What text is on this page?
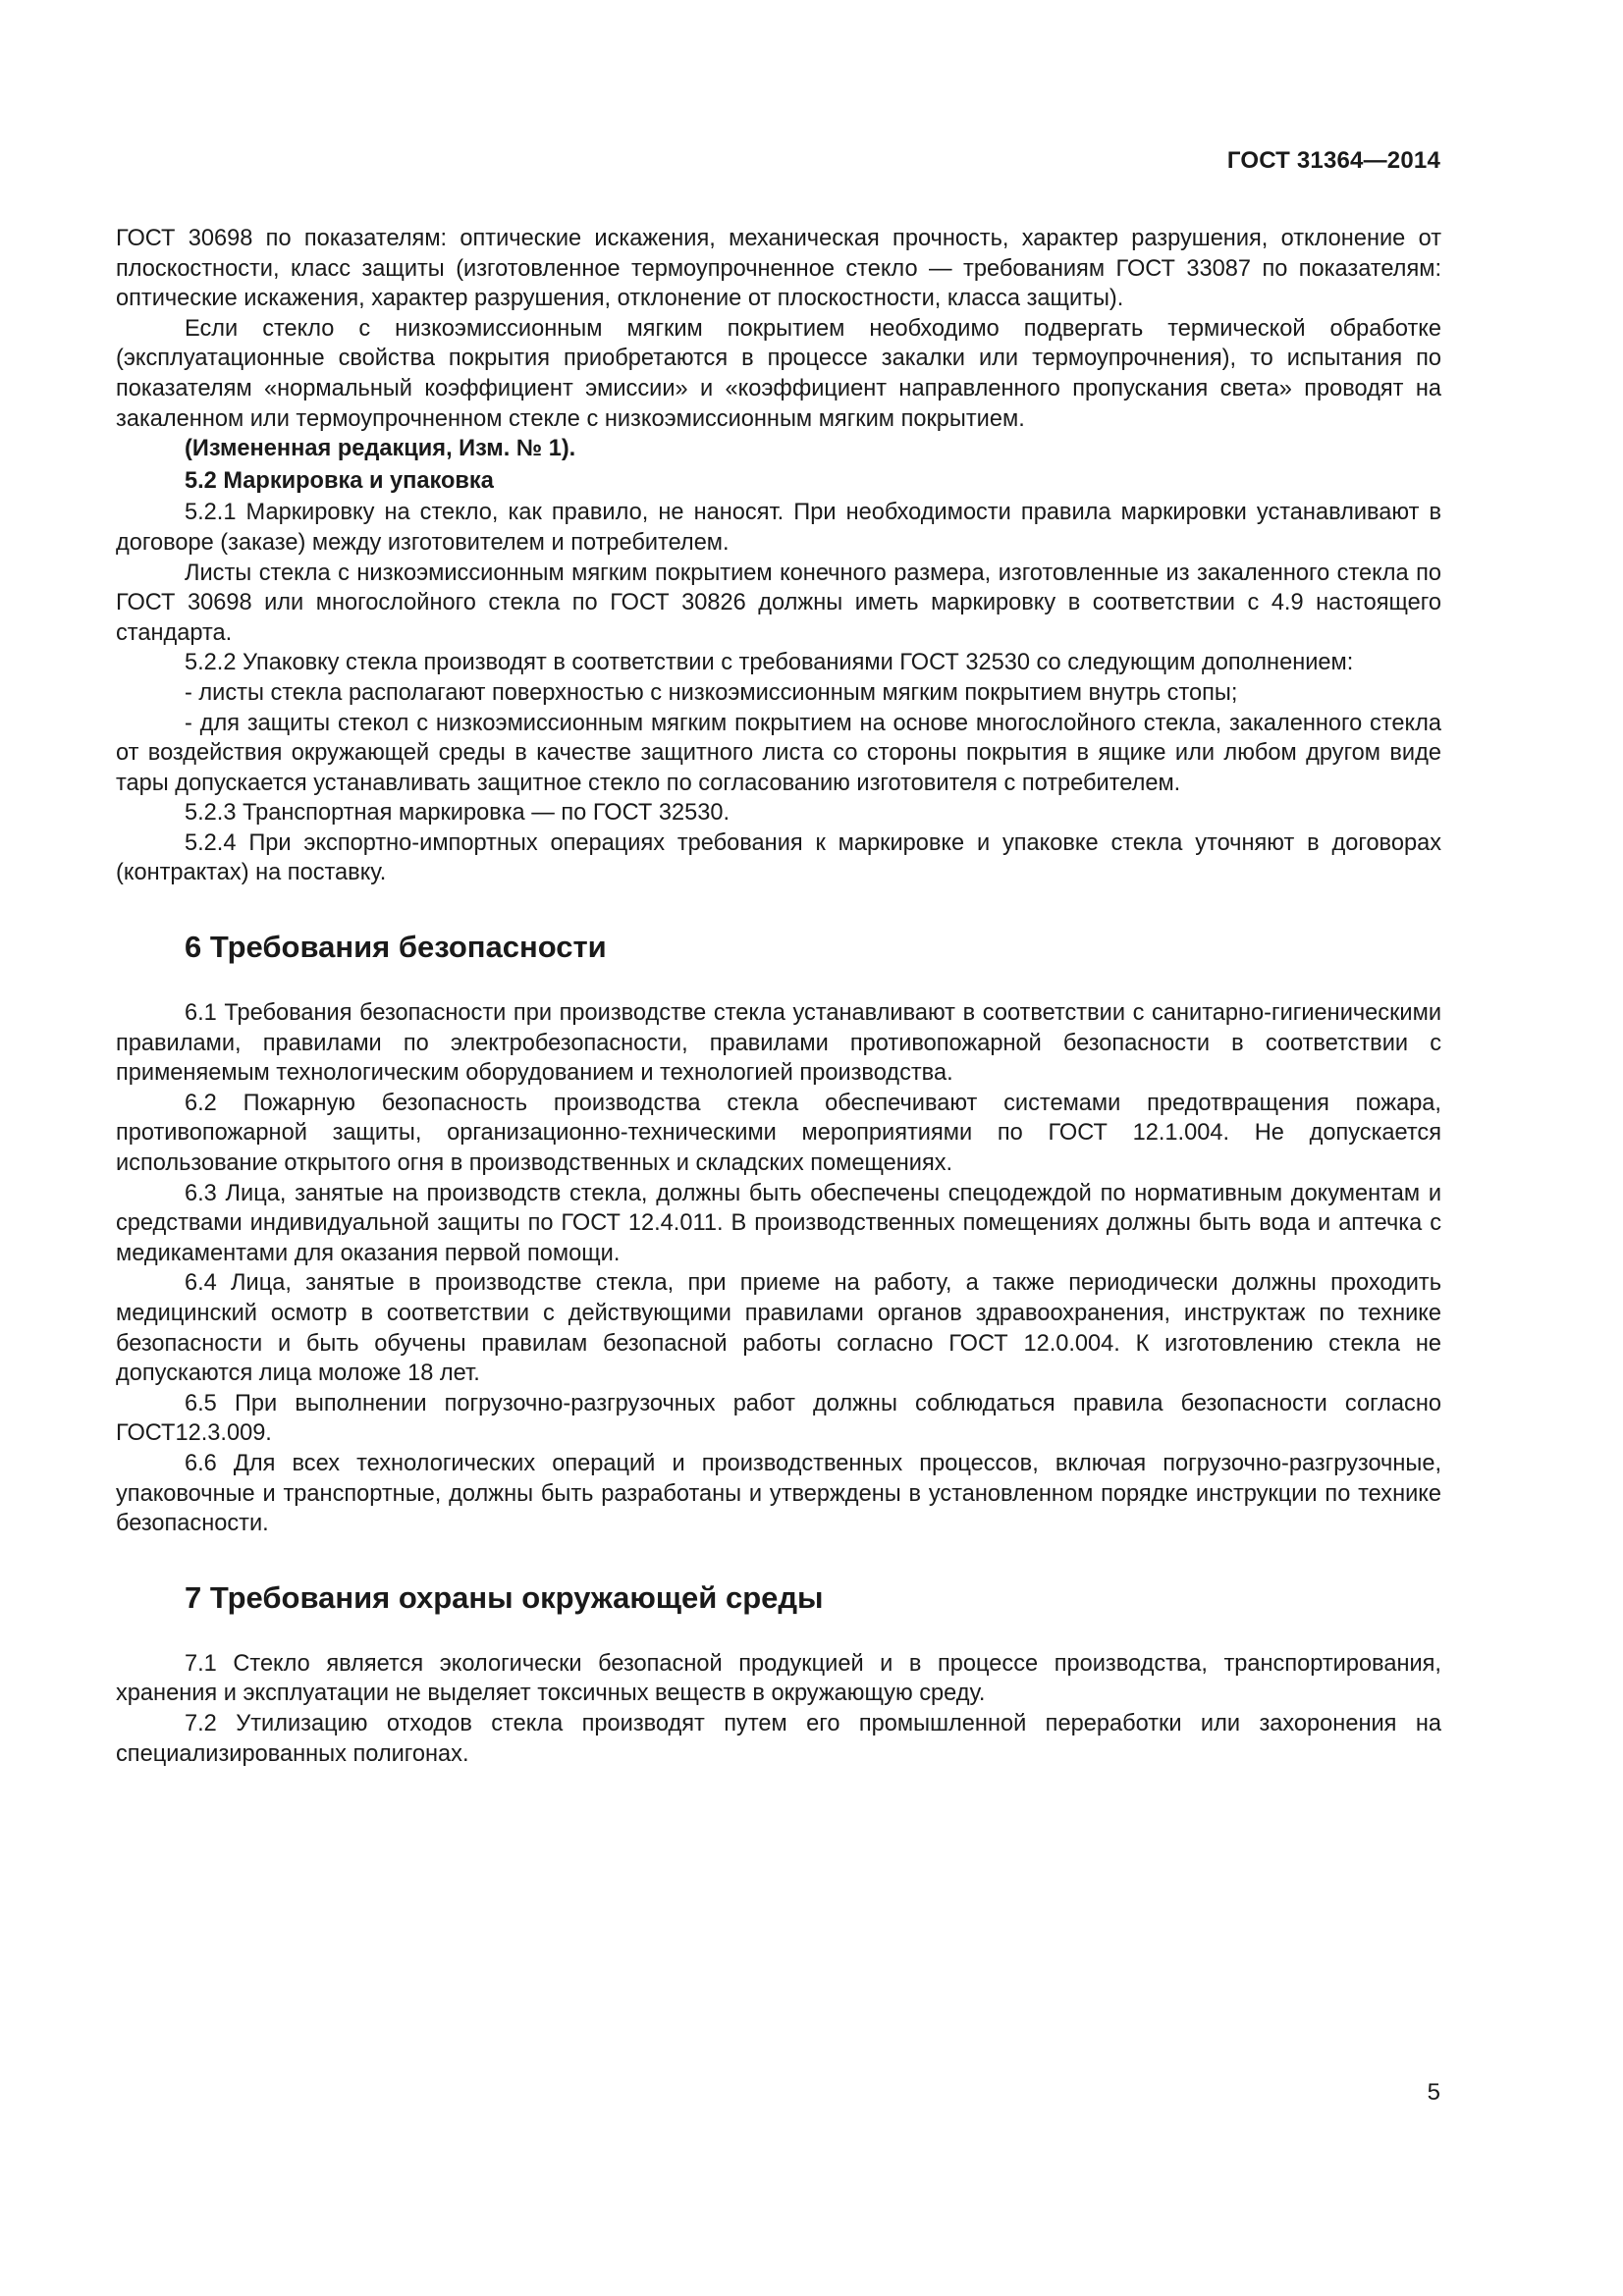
ГОСТ 31364—2014

ГОСТ 30698 по показателям: оптические искажения, механическая прочность, характер разрушения, отклонение от плоскостности, класс защиты (изготовленное термоупрочненное стекло — требованиям ГОСТ 33087 по показателям: оптические искажения, характер разрушения, отклонение от плоскостности, класса защиты).

Если стекло с низкоэмиссионным мягким покрытием необходимо подвергать термической обработке (эксплуатационные свойства покрытия приобретаются в процессе закалки или термоупрочнения), то испытания по показателям «нормальный коэффициент эмиссии» и «коэффициент направленного пропускания света» проводят на закаленном или термоупрочненном стекле с низкоэмиссионным мягким покрытием.

(Измененная редакция, Изм. № 1).

5.2 Маркировка и упаковка

5.2.1 Маркировку на стекло, как правило, не наносят. При необходимости правила маркировки устанавливают в договоре (заказе) между изготовителем и потребителем.

Листы стекла с низкоэмиссионным мягким покрытием конечного размера, изготовленные из закаленного стекла по ГОСТ 30698 или многослойного стекла по ГОСТ 30826 должны иметь маркировку в соответствии с 4.9 настоящего стандарта.

5.2.2 Упаковку стекла производят в соответствии с требованиями ГОСТ 32530 со следующим дополнением:

- листы стекла располагают поверхностью с низкоэмиссионным мягким покрытием внутрь стопы;

- для защиты стекол с низкоэмиссионным мягким покрытием на основе многослойного стекла, закаленного стекла от воздействия окружающей среды в качестве защитного листа со стороны покрытия в ящике или любом другом виде тары допускается устанавливать защитное стекло по согласованию изготовителя с потребителем.

5.2.3 Транспортная маркировка — по ГОСТ 32530.

5.2.4 При экспортно-импортных операциях требования к маркировке и упаковке стекла уточняют в договорах (контрактах) на поставку.

6 Требования безопасности

6.1 Требования безопасности при производстве стекла устанавливают в соответствии с санитарно-гигиеническими правилами, правилами по электробезопасности, правилами противопожарной безопасности в соответствии с применяемым технологическим оборудованием и технологией производства.

6.2 Пожарную безопасность производства стекла обеспечивают системами предотвращения пожара, противопожарной защиты, организационно-техническими мероприятиями по ГОСТ 12.1.004. Не допускается использование открытого огня в производственных и складских помещениях.

6.3 Лица, занятые на производств стекла, должны быть обеспечены спецодеждой по нормативным документам и средствами индивидуальной защиты по ГОСТ 12.4.011. В производственных помещениях должны быть вода и аптечка с медикаментами для оказания первой помощи.

6.4 Лица, занятые в производстве стекла, при приеме на работу, а также периодически должны проходить медицинский осмотр в соответствии с действующими правилами органов здравоохранения, инструктаж по технике безопасности и быть обучены правилам безопасной работы согласно ГОСТ 12.0.004. К изготовлению стекла не допускаются лица моложе 18 лет.

6.5 При выполнении погрузочно-разгрузочных работ должны соблюдаться правила безопасности согласно ГОСТ12.3.009.

6.6 Для всех технологических операций и производственных процессов, включая погрузочно-разгрузочные, упаковочные и транспортные, должны быть разработаны и утверждены в установленном порядке инструкции по технике безопасности.

7 Требования охраны окружающей среды

7.1 Стекло является экологически безопасной продукцией и в процессе производства, транспортирования, хранения и эксплуатации не выделяет токсичных веществ в окружающую среду.

7.2 Утилизацию отходов стекла производят путем его промышленной переработки или захоронения на специализированных полигонах.

5
